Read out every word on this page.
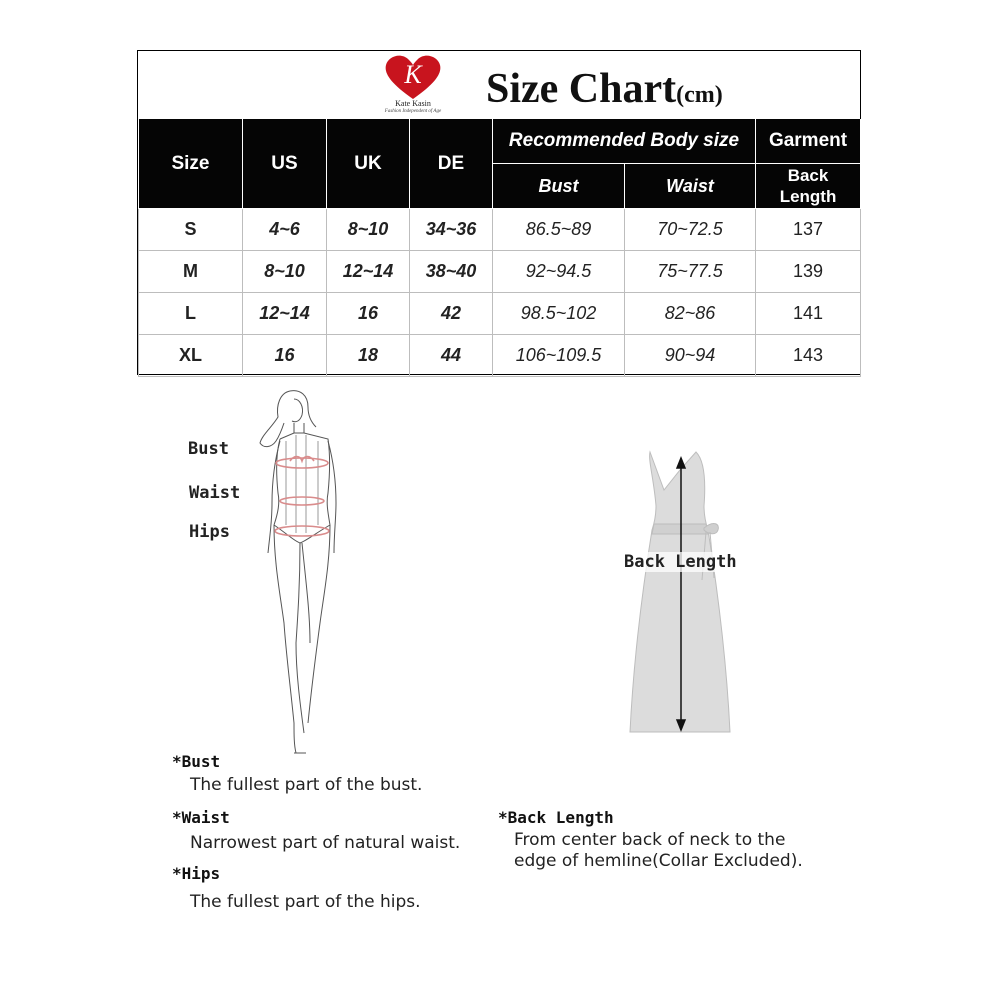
K
Kate Kasin
Fashion Independent of Age Size Chart(cm)
Size	US	UK	DE	Recommended Body size		Garment
				Bust	Waist	Back
Length
S	4~6	8~10	34~36	86.5~89	70~72.5	137
M	8~10	12~14	38~40	92~94.5	75~77.5	139
L	12~14	16	42	98.5~102	82~86	141
XL	16	18	44	106~109.5	90~94	143
Bust
Waist
Hips
Back Length
*Bust
The fullest part of the bust.
*Waist
Narrowest part of natural waist.
*Hips
The fullest part of the hips.
*Back Length
From center back of neck to the
edge of hemline(Collar Excluded).
